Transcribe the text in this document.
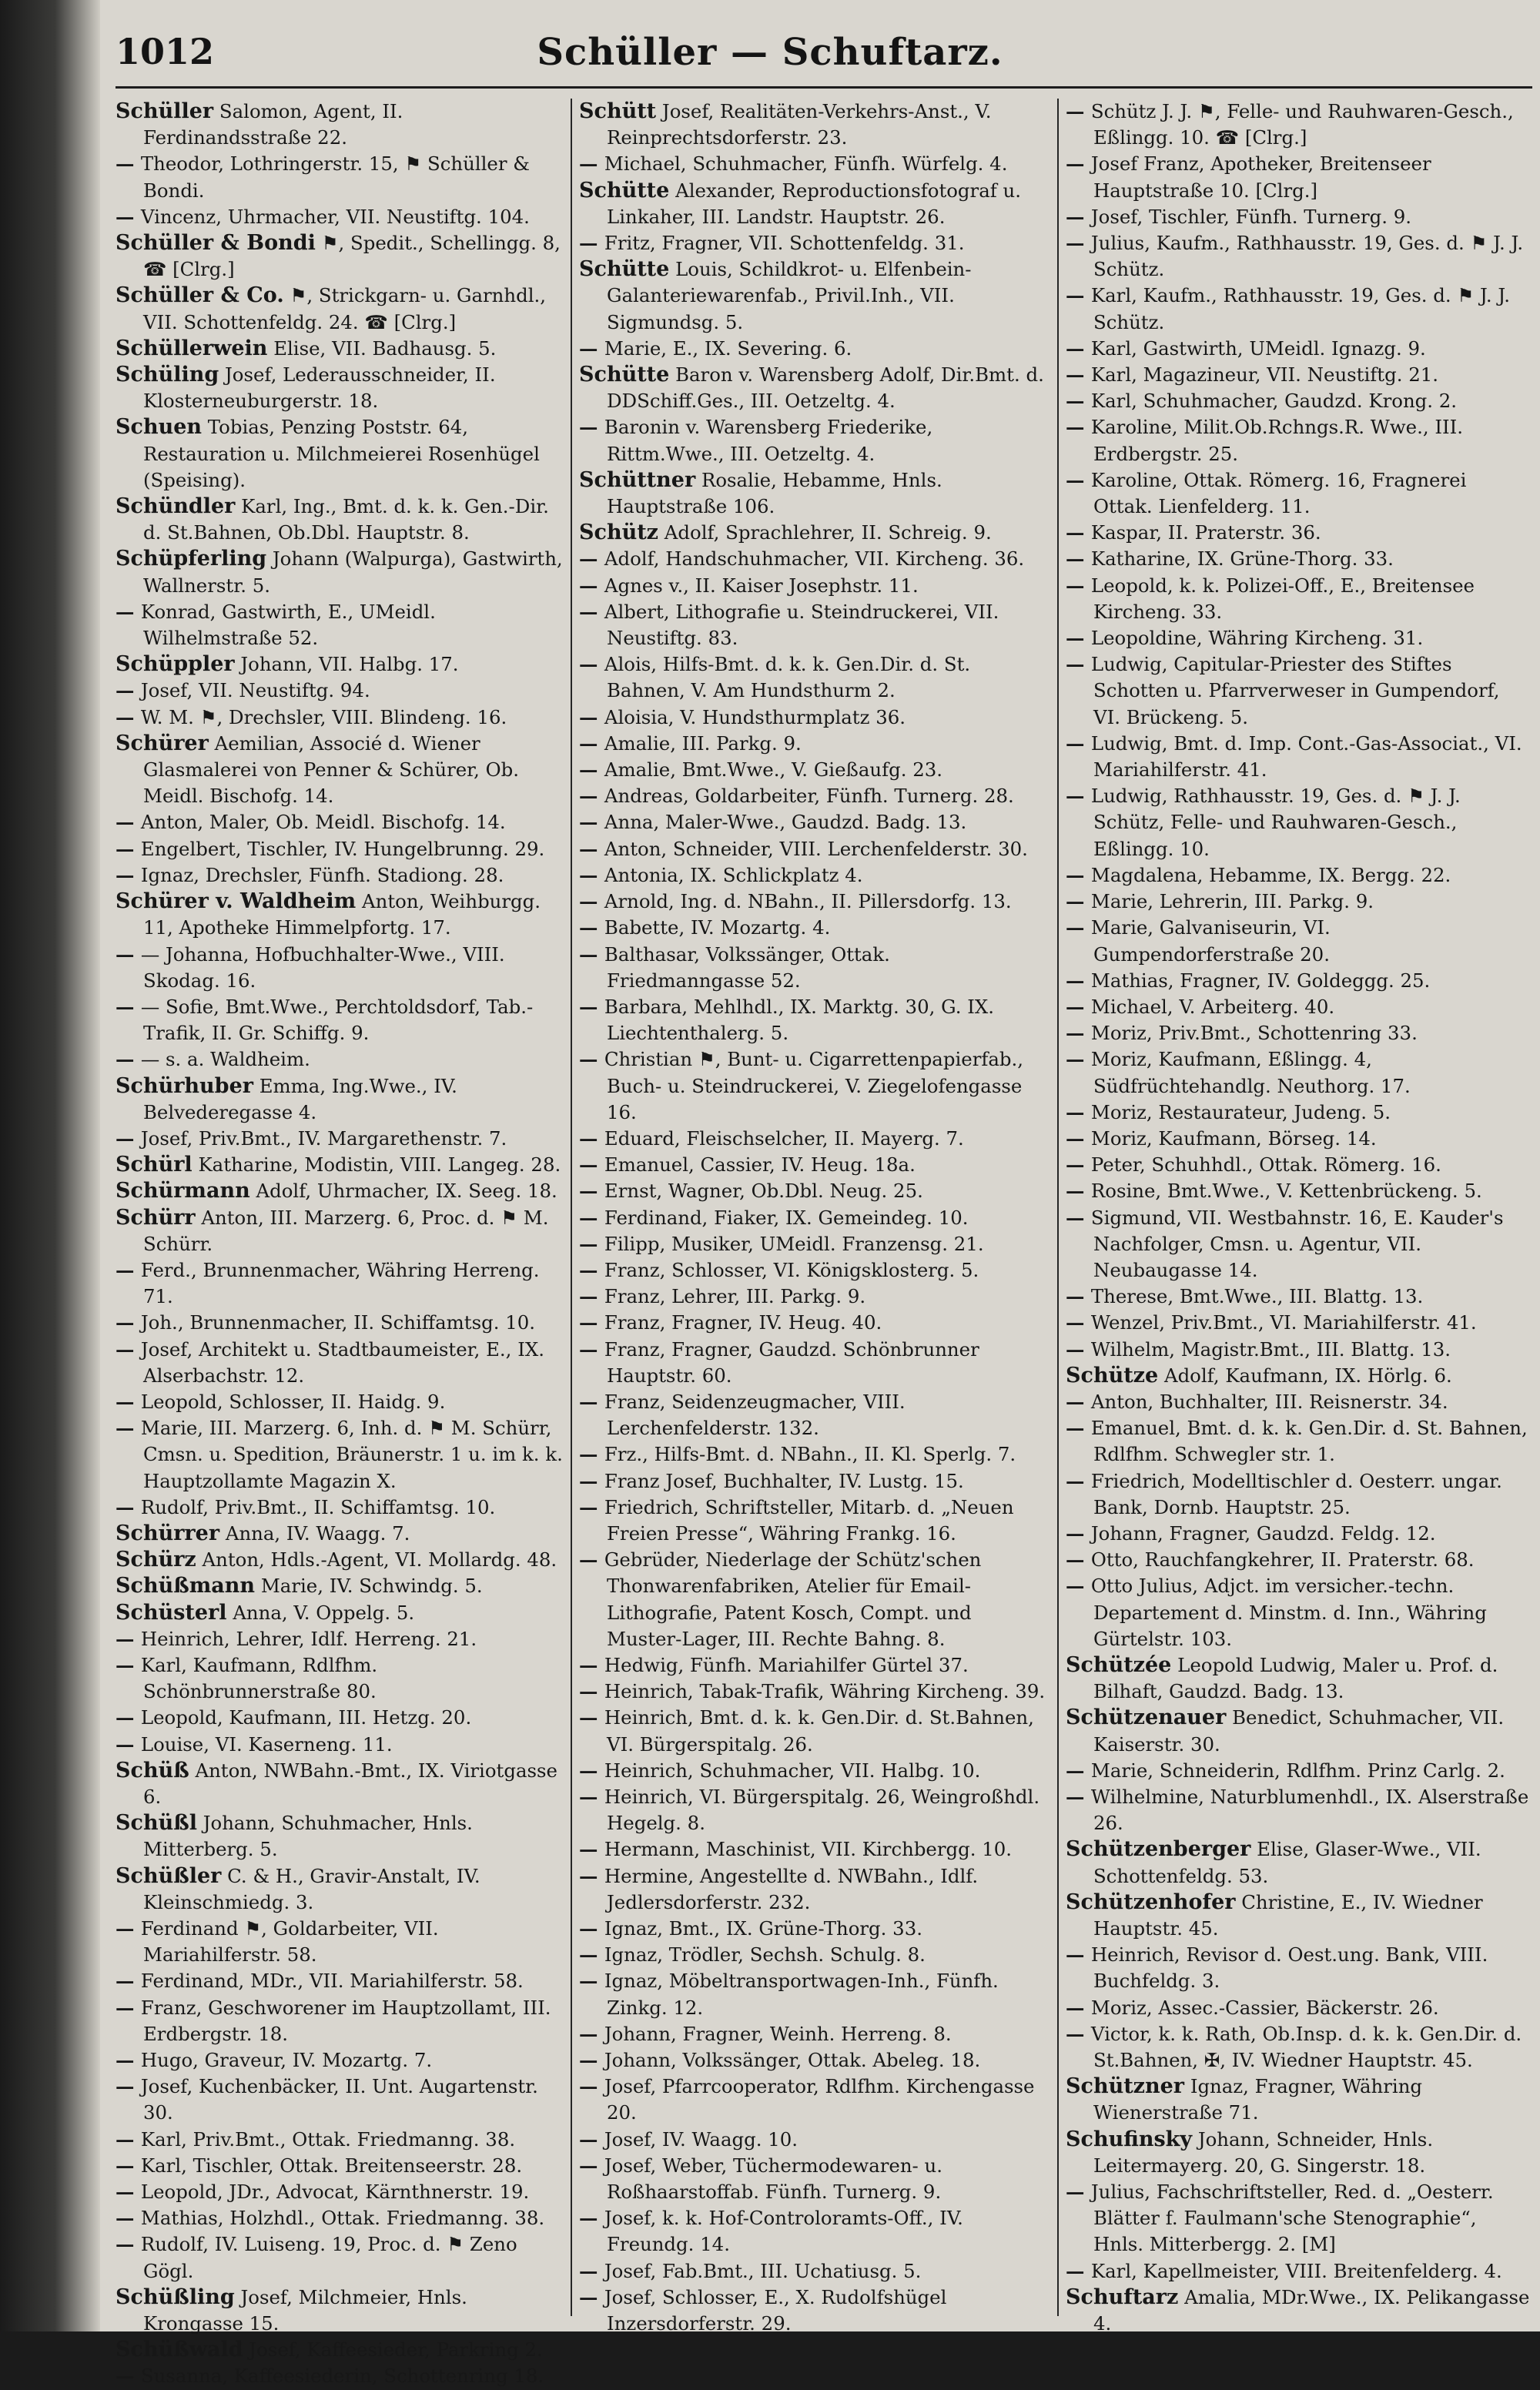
1012	Schüller — Schuftarz.

Schüller Salomon, Agent, II. Ferdinandsstraße 22.

— Theodor, Lothringerstr. 15, ⚑ Schüller & Bondi.

— Vincenz, Uhrmacher, VII. Neustiftg. 104.

Schüller & Bondi ⚑, Spedit., Schellingg. 8, ☎ [Clrg.]

Schüller & Co. ⚑, Strickgarn- u. Garnhdl., VII. Schottenfeldg. 24. ☎ [Clrg.]

Schüllerwein Elise, VII. Badhausg. 5.

Schüling Josef, Lederausschneider, II. Klosterneuburgerstr. 18.

Schuen Tobias, Penzing Poststr. 64, Restauration u. Milchmeierei Rosenhügel (Speising).

Schündler Karl, Ing., Bmt. d. k. k. Gen.-Dir. d. St.Bahnen, Ob.Dbl. Hauptstr. 8.

Schüpferling Johann (Walpurga), Gastwirth, Wallnerstr. 5.

— Konrad, Gastwirth, E., UMeidl. Wilhelmstraße 52.

Schüppler Johann, VII. Halbg. 17.

— Josef, VII. Neustiftg. 94.

— W. M. ⚑, Drechsler, VIII. Blindeng. 16.

Schürer Aemilian, Associé d. Wiener Glasmalerei von Penner & Schürer, Ob. Meidl. Bischofg. 14.

— Anton, Maler, Ob. Meidl. Bischofg. 14.

— Engelbert, Tischler, IV. Hungelbrunng. 29.

— Ignaz, Drechsler, Fünfh. Stadiong. 28.

Schürer v. Waldheim Anton, Weihburgg. 11, Apotheke Himmelpfortg. 17.

— — Johanna, Hofbuchhalter-Wwe., VIII. Skodag. 16.

— — Sofie, Bmt.Wwe., Perchtoldsdorf, Tab.-Trafik, II. Gr. Schiffg. 9.

— — s. a. Waldheim.

Schürhuber Emma, Ing.Wwe., IV. Belvederegasse 4.

— Josef, Priv.Bmt., IV. Margarethenstr. 7.

Schürl Katharine, Modistin, VIII. Langeg. 28.

Schürmann Adolf, Uhrmacher, IX. Seeg. 18.

Schürr Anton, III. Marzerg. 6, Proc. d. ⚑ M. Schürr.

— Ferd., Brunnenmacher, Währing Herreng. 71.

— Joh., Brunnenmacher, II. Schiffamtsg. 10.

— Josef, Architekt u. Stadtbaumeister, E., IX. Alserbachstr. 12.

— Leopold, Schlosser, II. Haidg. 9.

— Marie, III. Marzerg. 6, Inh. d. ⚑ M. Schürr, Cmsn. u. Spedition, Bräunerstr. 1 u. im k. k. Hauptzollamte Magazin X.

— Rudolf, Priv.Bmt., II. Schiffamtsg. 10.

Schürrer Anna, IV. Waagg. 7.

Schürz Anton, Hdls.-Agent, VI. Mollardg. 48.

Schüßmann Marie, IV. Schwindg. 5.

Schüsterl Anna, V. Oppelg. 5.

— Heinrich, Lehrer, Idlf. Herreng. 21.

— Karl, Kaufmann, Rdlfhm. Schönbrunnerstraße 80.

— Leopold, Kaufmann, III. Hetzg. 20.

— Louise, VI. Kaserneng. 11.

Schüß Anton, NWBahn.-Bmt., IX. Viriotgasse 6.

Schüßl Johann, Schuhmacher, Hnls. Mitterberg. 5.

Schüßler C. & H., Gravir-Anstalt, IV. Kleinschmiedg. 3.

— Ferdinand ⚑, Goldarbeiter, VII. Mariahilferstr. 58.

— Ferdinand, MDr., VII. Mariahilferstr. 58.

— Franz, Geschworener im Hauptzollamt, III. Erdbergstr. 18.

— Hugo, Graveur, IV. Mozartg. 7.

— Josef, Kuchenbäcker, II. Unt. Augartenstr. 30.

— Karl, Priv.Bmt., Ottak. Friedmanng. 38.

— Karl, Tischler, Ottak. Breitenseerstr. 28.

— Leopold, JDr., Advocat, Kärnthnerstr. 19.

— Mathias, Holzhdl., Ottak. Friedmanng. 38.

— Rudolf, IV. Luiseng. 19, Proc. d. ⚑ Zeno Gögl.

Schüßling Josef, Milchmeier, Hnls. Krongasse 15.

Schüßwald Josef, Kaffeesieder, Parkring 2.

— Susanna, Kaffeesiederin, Schottenring 18.

Schütt Josef, Realitäten-Verkehrs-Anst., V. Reinprechtsdorferstr. 23.

— Michael, Schuhmacher, Fünfh. Würfelg. 4.

Schütte Alexander, Reproductionsfotograf u. Linkaher, III. Landstr. Hauptstr. 26.

— Fritz, Fragner, VII. Schottenfeldg. 31.

Schütte Louis, Schildkrot- u. Elfenbein-Galanteriewarenfab., Privil.Inh., VII. Sigmundsg. 5.

— Marie, E., IX. Severing. 6.

Schütte Baron v. Warensberg Adolf, Dir.Bmt. d. DDSchiff.Ges., III. Oetzeltg. 4.

— Baronin v. Warensberg Friederike, Rittm.Wwe., III. Oetzeltg. 4.

Schüttner Rosalie, Hebamme, Hnls. Hauptstraße 106.

Schütz Adolf, Sprachlehrer, II. Schreig. 9.

— Adolf, Handschuhmacher, VII. Kircheng. 36.

— Agnes v., II. Kaiser Josephstr. 11.

— Albert, Lithografie u. Steindruckerei, VII. Neustiftg. 83.

— Alois, Hilfs-Bmt. d. k. k. Gen.Dir. d. St. Bahnen, V. Am Hundsthurm 2.

— Aloisia, V. Hundsthurmplatz 36.

— Amalie, III. Parkg. 9.

— Amalie, Bmt.Wwe., V. Gießaufg. 23.

— Andreas, Goldarbeiter, Fünfh. Turnerg. 28.

— Anna, Maler-Wwe., Gaudzd. Badg. 13.

— Anton, Schneider, VIII. Lerchenfelderstr. 30.

— Antonia, IX. Schlickplatz 4.

— Arnold, Ing. d. NBahn., II. Pillersdorfg. 13.

— Babette, IV. Mozartg. 4.

— Balthasar, Volkssänger, Ottak. Friedmanngasse 52.

— Barbara, Mehlhdl., IX. Marktg. 30, G. IX. Liechtenthalerg. 5.

— Christian ⚑, Bunt- u. Cigarrettenpapierfab., Buch- u. Steindruckerei, V. Ziegelofengasse 16.

— Eduard, Fleischselcher, II. Mayerg. 7.

— Emanuel, Cassier, IV. Heug. 18a.

— Ernst, Wagner, Ob.Dbl. Neug. 25.

— Ferdinand, Fiaker, IX. Gemeindeg. 10.

— Filipp, Musiker, UMeidl. Franzensg. 21.

— Franz, Schlosser, VI. Königsklosterg. 5.

— Franz, Lehrer, III. Parkg. 9.

— Franz, Fragner, IV. Heug. 40.

— Franz, Fragner, Gaudzd. Schönbrunner Hauptstr. 60.

— Franz, Seidenzeugmacher, VIII. Lerchenfelderstr. 132.

— Frz., Hilfs-Bmt. d. NBahn., II. Kl. Sperlg. 7.

— Franz Josef, Buchhalter, IV. Lustg. 15.

— Friedrich, Schriftsteller, Mitarb. d. „Neuen Freien Presse“, Währing Frankg. 16.

— Gebrüder, Niederlage der Schütz'schen Thonwarenfabriken, Atelier für Email-Lithografie, Patent Kosch, Compt. und Muster-Lager, III. Rechte Bahng. 8.

— Hedwig, Fünfh. Mariahilfer Gürtel 37.

— Heinrich, Tabak-Trafik, Währing Kircheng. 39.

— Heinrich, Bmt. d. k. k. Gen.Dir. d. St.Bahnen, VI. Bürgerspitalg. 26.

— Heinrich, Schuhmacher, VII. Halbg. 10.

— Heinrich, VI. Bürgerspitalg. 26, Weingroßhdl. Hegelg. 8.

— Hermann, Maschinist, VII. Kirchbergg. 10.

— Hermine, Angestellte d. NWBahn., Idlf. Jedlersdorferstr. 232.

— Ignaz, Bmt., IX. Grüne-Thorg. 33.

— Ignaz, Trödler, Sechsh. Schulg. 8.

— Ignaz, Möbeltransportwagen-Inh., Fünfh. Zinkg. 12.

— Johann, Fragner, Weinh. Herreng. 8.

— Johann, Volkssänger, Ottak. Abeleg. 18.

— Josef, Pfarrcooperator, Rdlfhm. Kirchengasse 20.

— Josef, IV. Waagg. 10.

— Josef, Weber, Tüchermodewaren- u. Roßhaarstoffab. Fünfh. Turnerg. 9.

— Josef, k. k. Hof-Controloramts-Off., IV. Freundg. 14.

— Josef, Fab.Bmt., III. Uchatiusg. 5.

— Josef, Schlosser, E., X. Rudolfshügel Inzersdorferstr. 29.

— Schütz J. J. ⚑, Felle- und Rauhwaren-Gesch., Eßlingg. 10. ☎ [Clrg.]

— Josef Franz, Apotheker, Breitenseer Hauptstraße 10. [Clrg.]

— Josef, Tischler, Fünfh. Turnerg. 9.

— Julius, Kaufm., Rathhausstr. 19, Ges. d. ⚑ J. J. Schütz.

— Karl, Kaufm., Rathhausstr. 19, Ges. d. ⚑ J. J. Schütz.

— Karl, Gastwirth, UMeidl. Ignazg. 9.

— Karl, Magazineur, VII. Neustiftg. 21.

— Karl, Schuhmacher, Gaudzd. Krong. 2.

— Karoline, Milit.Ob.Rchngs.R. Wwe., III. Erdbergstr. 25.

— Karoline, Ottak. Römerg. 16, Fragnerei Ottak. Lienfelderg. 11.

— Kaspar, II. Praterstr. 36.

— Katharine, IX. Grüne-Thorg. 33.

— Leopold, k. k. Polizei-Off., E., Breitensee Kircheng. 33.

— Leopoldine, Währing Kircheng. 31.

— Ludwig, Capitular-Priester des Stiftes Schotten u. Pfarrverweser in Gumpendorf, VI. Brückeng. 5.

— Ludwig, Bmt. d. Imp. Cont.-Gas-Associat., VI. Mariahilferstr. 41.

— Ludwig, Rathhausstr. 19, Ges. d. ⚑ J. J. Schütz, Felle- und Rauhwaren-Gesch., Eßlingg. 10.

— Magdalena, Hebamme, IX. Bergg. 22.

— Marie, Lehrerin, III. Parkg. 9.

— Marie, Galvaniseurin, VI. Gumpendorferstraße 20.

— Mathias, Fragner, IV. Goldeggg. 25.

— Michael, V. Arbeiterg. 40.

— Moriz, Priv.Bmt., Schottenring 33.

— Moriz, Kaufmann, Eßlingg. 4, Südfrüchtehandlg. Neuthorg. 17.

— Moriz, Restaurateur, Judeng. 5.

— Moriz, Kaufmann, Börseg. 14.

— Peter, Schuhhdl., Ottak. Römerg. 16.

— Rosine, Bmt.Wwe., V. Kettenbrückeng. 5.

— Sigmund, VII. Westbahnstr. 16, E. Kauder's Nachfolger, Cmsn. u. Agentur, VII. Neubaugasse 14.

— Therese, Bmt.Wwe., III. Blattg. 13.

— Wenzel, Priv.Bmt., VI. Mariahilferstr. 41.

— Wilhelm, Magistr.Bmt., III. Blattg. 13.

Schütze Adolf, Kaufmann, IX. Hörlg. 6.

— Anton, Buchhalter, III. Reisnerstr. 34.

— Emanuel, Bmt. d. k. k. Gen.Dir. d. St. Bahnen, Rdlfhm. Schwegler str. 1.

— Friedrich, Modelltischler d. Oesterr. ungar. Bank, Dornb. Hauptstr. 25.

— Johann, Fragner, Gaudzd. Feldg. 12.

— Otto, Rauchfangkehrer, II. Praterstr. 68.

— Otto Julius, Adjct. im versicher.-techn. Departement d. Minstm. d. Inn., Währing Gürtelstr. 103.

Schützée Leopold Ludwig, Maler u. Prof. d. Bilhaft, Gaudzd. Badg. 13.

Schützenauer Benedict, Schuhmacher, VII. Kaiserstr. 30.

— Marie, Schneiderin, Rdlfhm. Prinz Carlg. 2.

— Wilhelmine, Naturblumenhdl., IX. Alserstraße 26.

Schützenberger Elise, Glaser-Wwe., VII. Schottenfeldg. 53.

Schützenhofer Christine, E., IV. Wiedner Hauptstr. 45.

— Heinrich, Revisor d. Oest.ung. Bank, VIII. Buchfeldg. 3.

— Moriz, Assec.-Cassier, Bäckerstr. 26.

— Victor, k. k. Rath, Ob.Insp. d. k. k. Gen.Dir. d. St.Bahnen, ✠, IV. Wiedner Hauptstr. 45.

Schützner Ignaz, Fragner, Währing Wienerstraße 71.

Schufinsky Johann, Schneider, Hnls. Leitermayerg. 20, G. Singerstr. 18.

— Julius, Fachschriftsteller, Red. d. „Oesterr. Blätter f. Faulmann'sche Stenographie“, Hnls. Mitterbergg. 2. [M]

— Karl, Kapellmeister, VIII. Breitenfelderg. 4.

Schuftarz Amalia, MDr.Wwe., IX. Pelikangasse 4.
